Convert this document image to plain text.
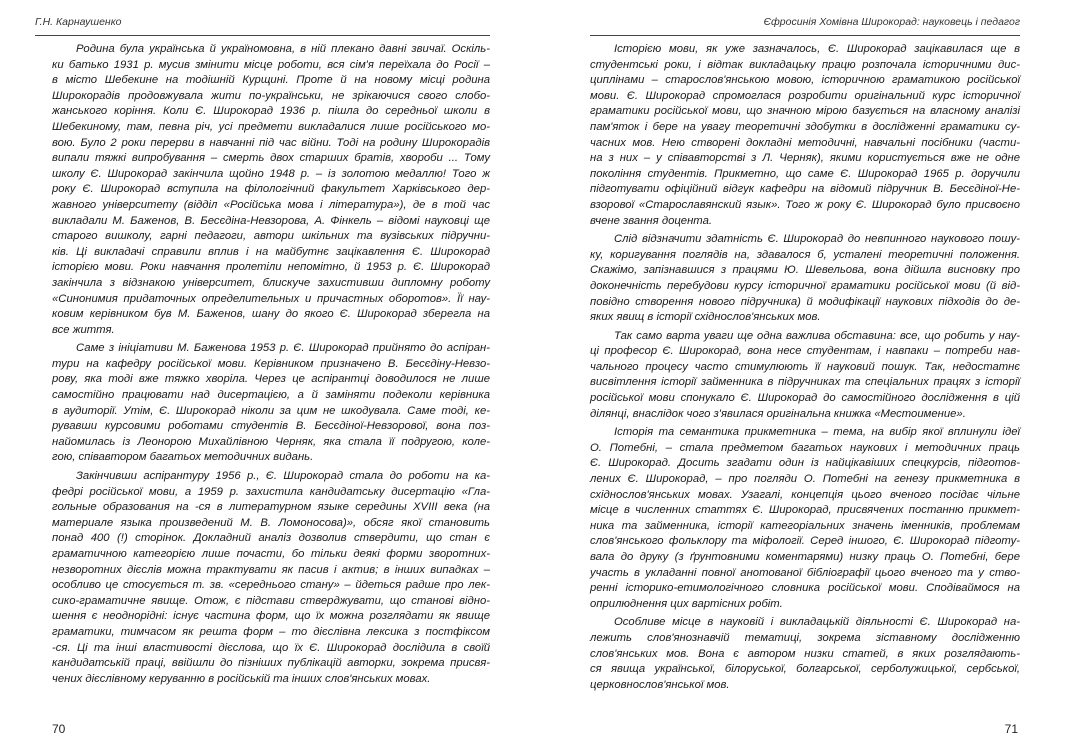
Г.Н. Карнаушенко
Родина була українська й україномовна, в ній плекано давні звичаї. Оскіль-
ки батько 1931 р. мусив змінити місце роботи, вся сім'я переїхала до Росії –
в місто Шебекине на тодішній Курщині. Проте й на новому місці родина
Широкорадів продовжувала жити по-українськи, не зрікаючися свого слобо-
жанського коріння. Коли Є. Широкорад 1936 р. пішла до середньої школи в
Шебекиному, там, певна річ, усі предмети викладалися лише російського мо-
вою. Було 2 роки перерви в навчанні під час війни. Тоді на родину Широкорадів
випали тяжкі випробування – смерть двох старших братів, хвороби ... Тому
школу Є. Широкорад закінчила щойно 1948 р. – із золотою медаллю! Того ж
року Є. Широкорад вступила на філологічний факультет Харківського дер-
жавного університету (відділ «Російська мова і література»), де в той час
викладали М. Баженов, В. Бесєдіна-Невзорова, А. Фінкель – відомі науковці ще
старого вишколу, гарні педагоги, автори шкільних та вузівських підручни-
ків. Ці викладачі справили вплив і на майбутнє зацікавлення Є. Широкорад
історією мови. Роки навчання пролетіли непомітно, й 1953 р. Є. Широкорад
закінчила з відзнакою університет, блискуче захистивши дипломну роботу
«Синонимия придаточных определительных и причастных оборотов». Її нау-
ковим керівником був М. Баженов, шану до якого Є. Широкорад зберегла на
все життя.
Саме з ініціативи М. Баженова 1953 р. Є. Широкорад прийнято до аспіран-
тури на кафедру російської мови. Керівником призначено В. Бесєдіну-Невзо-
рову, яка тоді вже тяжко хворіла. Через це аспірантці доводилося не лише
самостійно працювати над дисертацією, а й заміняти подеколи керівника
в аудиторії. Утім, Є. Широкорад ніколи за цим не шкодувала. Саме тоді, ке-
рувавши курсовими роботами студентів В. Бесєдіної-Невзорової, вона поз-
найомилась із Леонорою Михайлівною Черняк, яка стала її подругою, коле-
гою, співавтором багатьох методичних видань.
Закінчивши аспірантуру 1956 р., Є. Широкорад стала до роботи на ка-
федрі російської мови, а 1959 р. захистила кандидатську дисертацію «Гла-
гольные образования на -ся в литературном языке середины XVIII века (на
материале языка произведений М. В. Ломоносова)», обсяг якої становить
понад 400 (!) сторінок. Докладний аналіз дозволив ствердити, що стан є
граматичною категорією лише почасти, бо тільки деякі форми зворотних-
незворотних дієслів можна трактувати як пасив і актив; в інших випадках –
особливо це стосується т. зв. «середнього стану» – йдеться радше про лек-
сико-граматичне явище. Отож, є підстави стверджувати, що станові відно-
шення є неоднорідні: існує частина форм, що їх можна розглядати як явище
граматики, тимчасом як решта форм – то дієслівна лексика з постфіксом
-ся. Ці та інші властивості дієслова, що їх Є. Широкорад дослідила в своїй
кандидатській праці, ввійшли до пізніших публікацій авторки, зокрема присвя-
чених дієслівному керуванню в російській та інших слов'янських мовах.
70
Єфросинія Хомівна Широкорад: науковець і педагог
Історією мови, як уже зазначалось, Є. Широкорад зацікавилася ще в
студентські роки, і відтак викладацьку працю розпочала історичними дис-
циплінами – старослов'янською мовою, історичною граматикою російської
мови. Є. Широкорад спромоглася розробити оригінальний курс історичної
граматики російської мови, що значною мірою базується на власному аналізі
пам'яток і бере на увагу теоретичні здобутки в дослідженні граматики су-
часних мов. Нею створені докладні методичні, навчальні посібники (части-
на з них – у співавторстві з Л. Черняк), якими користується вже не одне
покоління студентів. Прикметно, що саме Є. Широкорад 1965 р. доручили
підготувати офіційний відгук кафедри на відомий підручник В. Бесєдіної-Не-
взорової «Старославянский язык». Того ж року Є. Широкорад було присвоєно
вчене звання доцента.
Слід відзначити здатність Є. Широкорад до невпинного наукового пошу-
ку, коригування поглядів на, здавалося б, усталені теоретичні положення.
Скажімо, запізнавшися з працями Ю. Шевельова, вона дійшла висновку про
доконечність перебудови курсу історичної граматики російської мови (й від-
повідно створення нового підручника) й модифікації наукових підходів до де-
яких явищ в історії східнослов'янських мов.
Так само варта уваги ще одна важлива обставина: все, що робить у нау-
ці професор Є. Широкорад, вона несе студентам, і навпаки – потреби нав-
чального процесу часто стимулюють її науковий пошук. Так, недостатнє
висвітлення історії займенника в підручниках та спеціальних працях з історії
російської мови спонукало Є. Широкорад до самостійного дослідження в цій
ділянці, внаслідок чого з'явилася оригінальна книжка «Местоимение».
Історія та семантика прикметника – тема, на вибір якої вплинули ідеї
О. Потебні, – стала предметом багатьох наукових і методичних праць
Є. Широкорад. Досить згадати один із найцікавіших спецкурсів, підготов-
лених Є. Широкорад, – про погляди О. Потебні на генезу прикметника в
східнослов'янських мовах. Узагалі, концепція цього вченого посідає чільне
місце в численних статтях Є. Широкорад, присвячених постанню прикмет-
ника та займенника, історії категоріальних значень іменників, проблемам
слов'янського фольклору та міфології. Серед іншого, Є. Широкорад підготу-
вала до друку (з ґрунтовними коментарями) низку праць О. Потебні, бере
участь в укладанні повної анотованої бібліографії цього вченого та у ство-
ренні історико-етимологічного словника російської мови. Сподіваймося на
оприлюднення цих вартісних робіт.
Особливе місце в науковій і викладацькій діяльності Є. Широкорад на-
лежить слов'янознавчій тематиці, зокрема зіставному дослідженню
слов'янських мов. Вона є автором низки статей, в яких розглядають-
ся явища української, білоруської, болгарської, серболужицької, сербської,
церковнослов'янської мов.
71
